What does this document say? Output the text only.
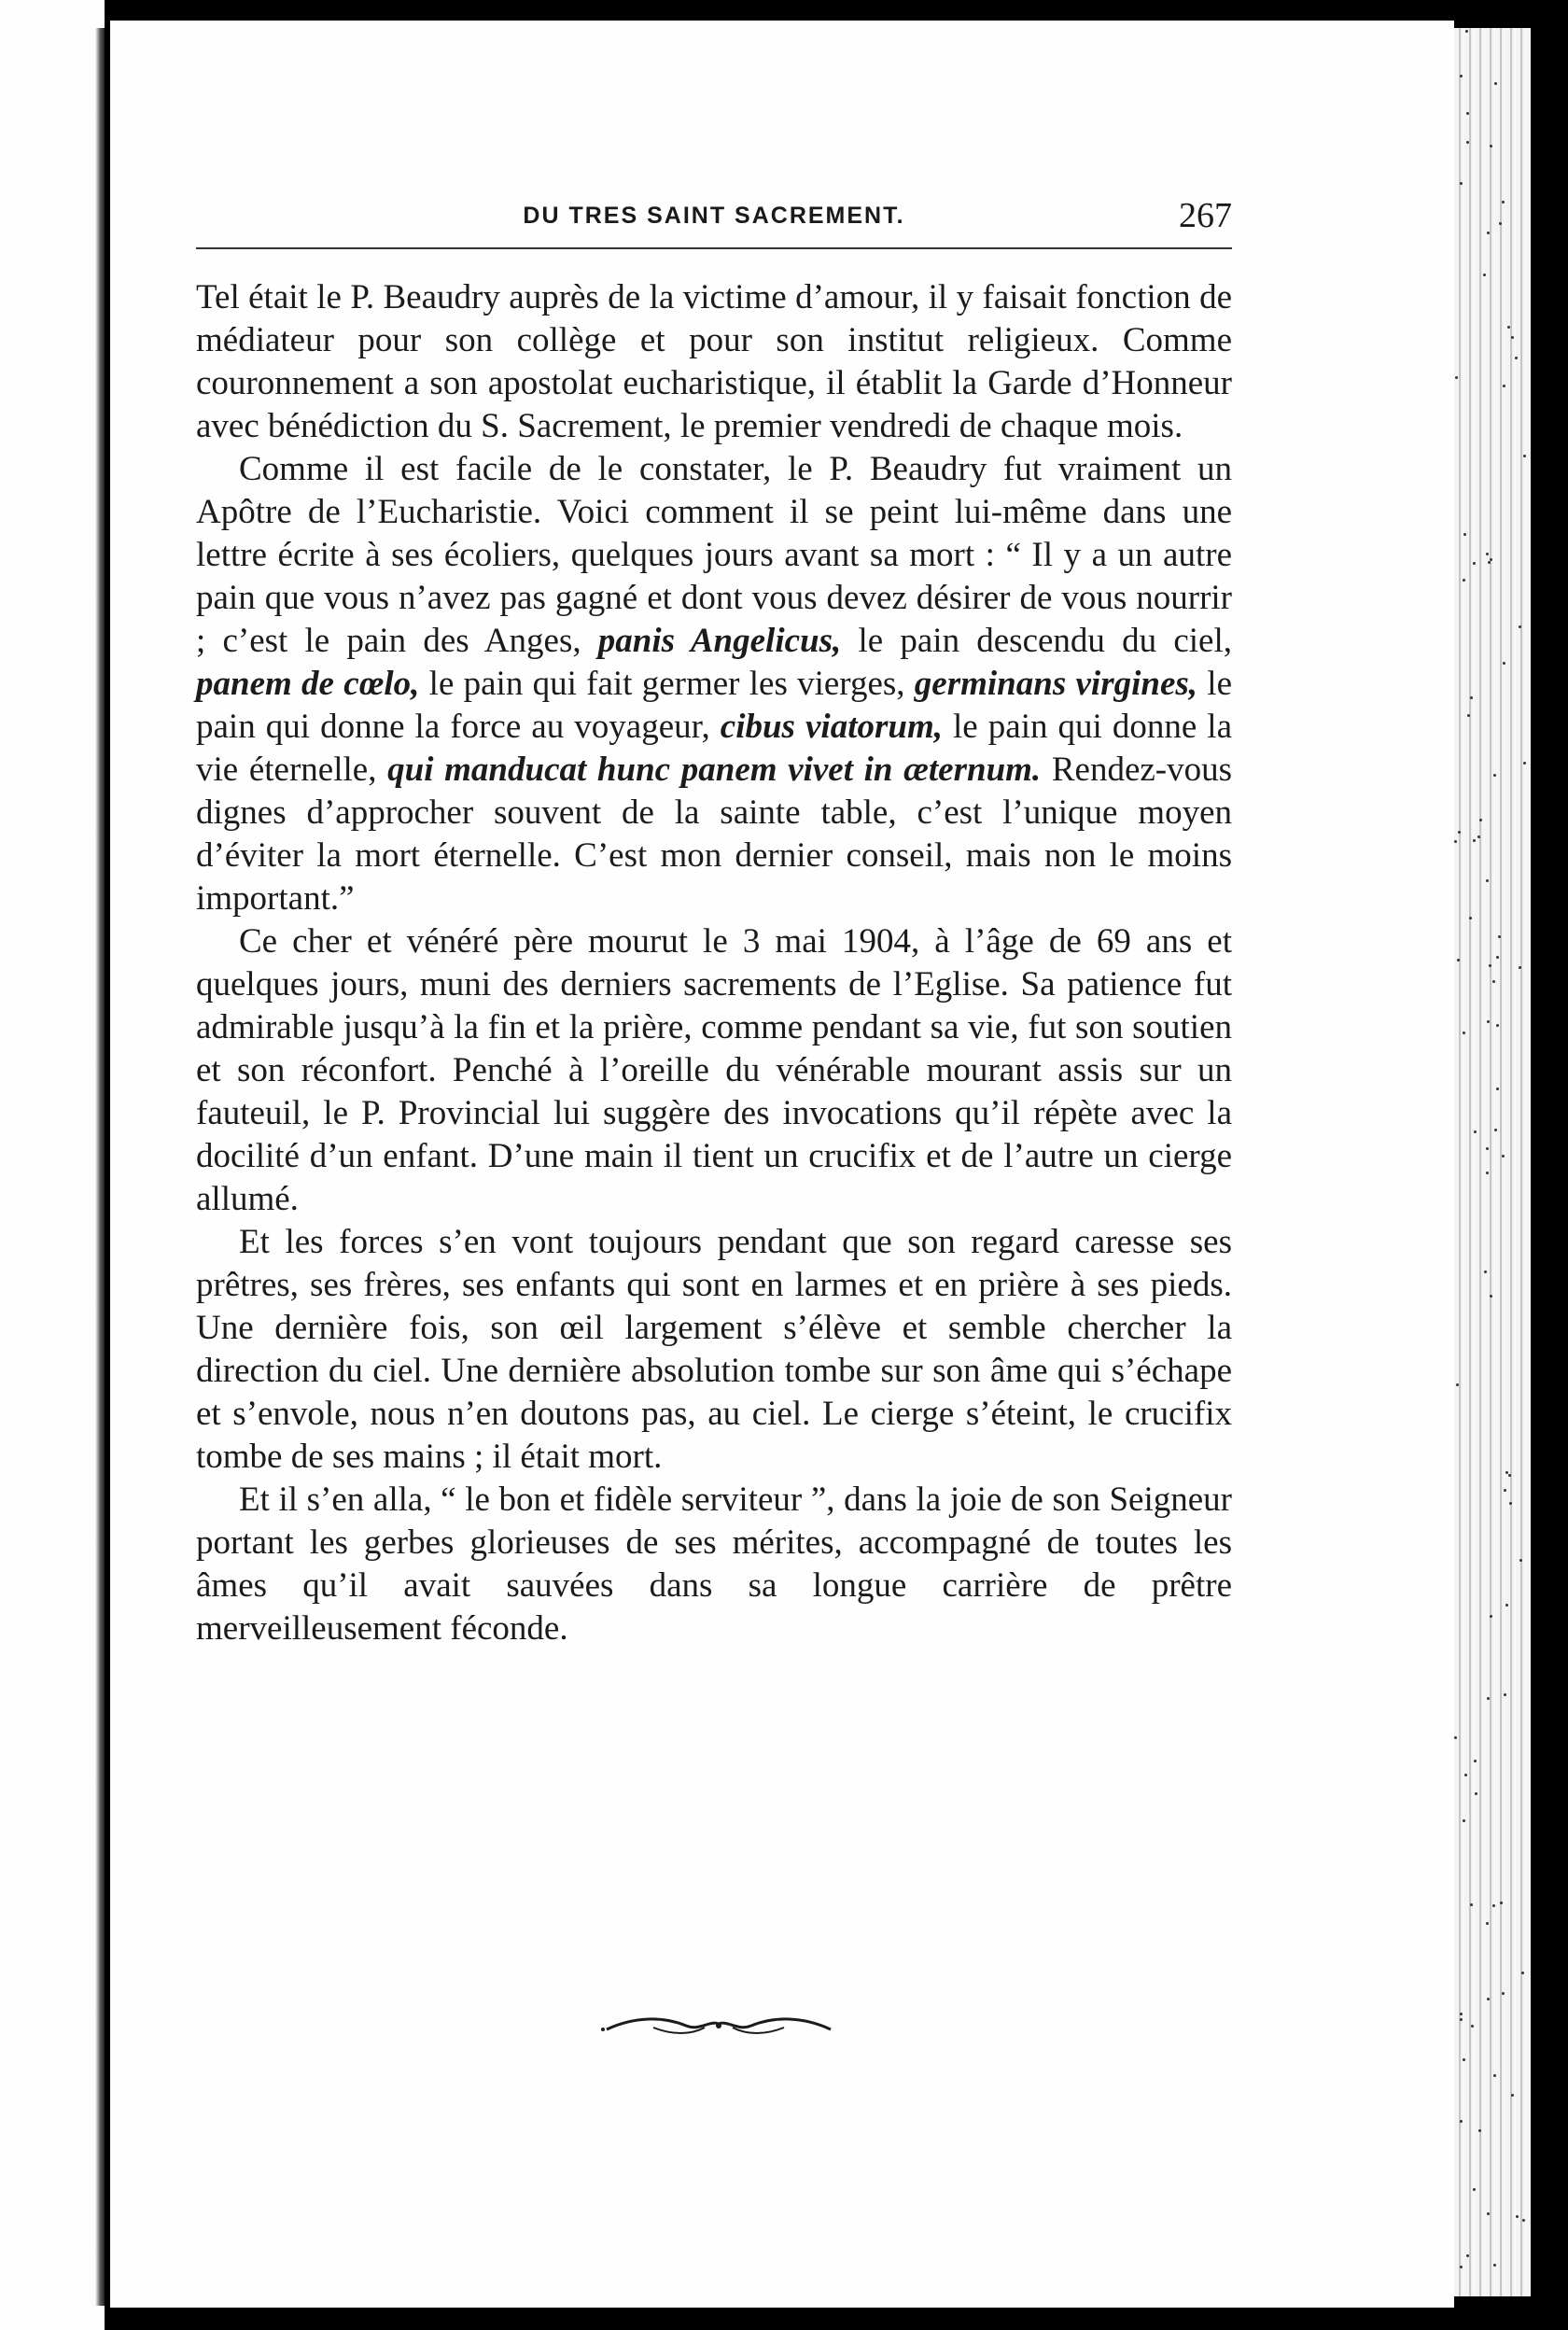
DU TRES SAINT SACREMENT.	267

Tel était le P. Beaudry auprès de la victime d’amour, il y faisait fonction de médiateur pour son collège et pour son institut religieux. Comme couronnement a son apostolat eucharistique, il établit la Garde d’Honneur avec bénédiction du S. Sacrement, le premier vendredi de chaque mois.

Comme il est facile de le constater, le P. Beaudry fut vraiment un Apôtre de l’Eucharistie. Voici comment il se peint lui-même dans une lettre écrite à ses écoliers, quelques jours avant sa mort : “ Il y a un autre pain que vous n’avez pas gagné et dont vous devez désirer de vous nourrir ; c’est le pain des Anges, panis Angelicus, le pain descendu du ciel, panem de cœlo, le pain qui fait germer les vierges, germinans virgines, le pain qui donne la force au voyageur, cibus viatorum, le pain qui donne la vie éternelle, qui manducat hunc panem vivet in æternum. Rendez-vous dignes d’approcher souvent de la sainte table, c’est l’unique moyen d’éviter la mort éternelle. C’est mon dernier conseil, mais non le moins important.”

Ce cher et vénéré père mourut le 3 mai 1904, à l’âge de 69 ans et quelques jours, muni des derniers sacrements de l’Eglise. Sa patience fut admirable jusqu’à la fin et la prière, comme pendant sa vie, fut son soutien et son réconfort. Penché à l’oreille du vénérable mourant assis sur un fauteuil, le P. Provincial lui suggère des invocations qu’il répète avec la docilité d’un enfant. D’une main il tient un crucifix et de l’autre un cierge allumé.

Et les forces s’en vont toujours pendant que son regard caresse ses prêtres, ses frères, ses enfants qui sont en larmes et en prière à ses pieds. Une dernière fois, son œil largement s’élève et semble chercher la direction du ciel. Une dernière absolution tombe sur son âme qui s’échape et s’envole, nous n’en doutons pas, au ciel. Le cierge s’éteint, le crucifix tombe de ses mains ; il était mort.

Et il s’en alla, “ le bon et fidèle serviteur ”, dans la joie de son Seigneur portant les gerbes glorieuses de ses mérites, accompagné de toutes les âmes qu’il avait sauvées dans sa longue carrière de prêtre merveilleusement féconde.
